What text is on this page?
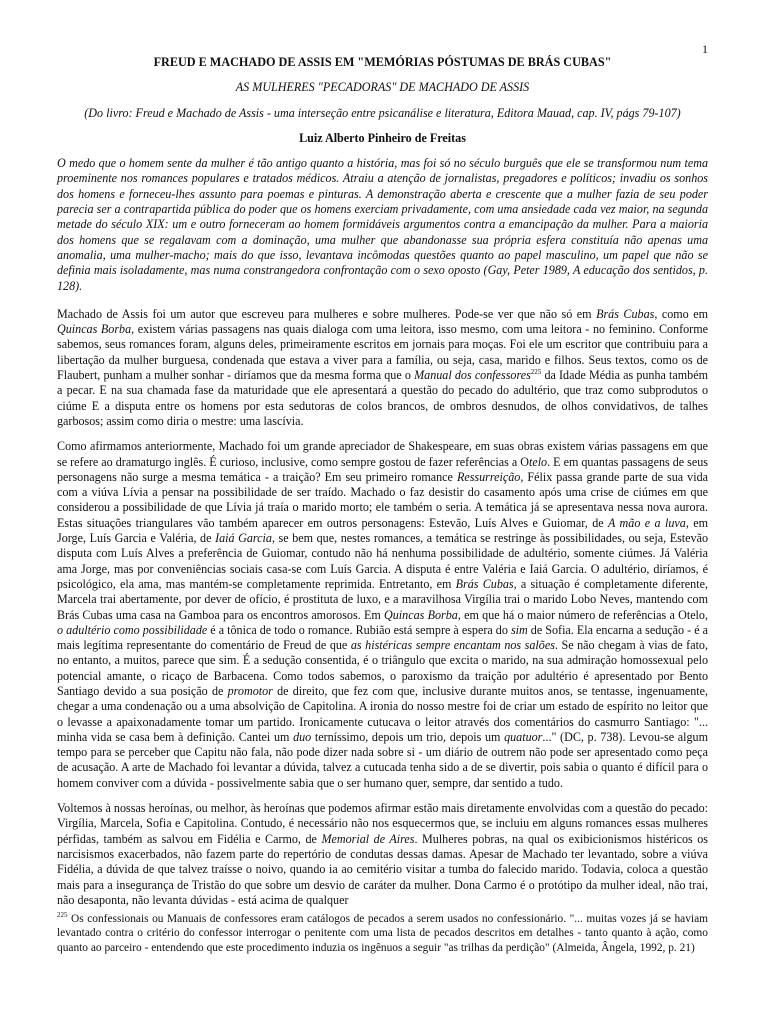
1
FREUD E MACHADO DE ASSIS EM "MEMÓRIAS PÓSTUMAS DE BRÁS CUBAS"
AS MULHERES "PECADORAS" DE MACHADO DE ASSIS
(Do livro: Freud e Machado de Assis - uma interseção entre psicanálise e literatura, Editora Mauad, cap. IV, págs 79-107)
Luiz Alberto Pinheiro de Freitas
O medo que o homem sente da mulher é tão antigo quanto a história, mas foi só no século burguês que ele se transformou num tema proeminente nos romances populares e tratados médicos. Atraiu a atenção de jornalistas, pregadores e políticos; invadiu os sonhos dos homens e forneceu-lhes assunto para poemas e pinturas. A demonstração aberta e crescente que a mulher fazia de seu poder parecia ser a contrapartida pública do poder que os homens exerciam privadamente, com uma ansiedade cada vez maior, na segunda metade do século XIX: um e outro forneceram ao homem formidáveis argumentos contra a emancipação da mulher. Para a maioria dos homens que se regalavam com a dominação, uma mulher que abandonasse sua própria esfera constituía não apenas uma anomalia, uma mulher-macho; mais do que isso, levantava incômodas questões quanto ao papel masculino, um papel que não se definia mais isoladamente, mas numa constrangedora confrontação com o sexo oposto (Gay, Peter 1989, A educação dos sentidos, p. 128).

Machado de Assis foi um autor que escreveu para mulheres e sobre mulheres. Pode-se ver que não só em Brás Cubas, como em Quincas Borba, existem várias passagens nas quais dialoga com uma leitora, isso mesmo, com uma leitora - no feminino. Conforme sabemos, seus romances foram, alguns deles, primeiramente escritos em jornais para moças. Foi ele um escritor que contribuiu para a libertação da mulher burguesa, condenada que estava a viver para a família, ou seja, casa, marido e filhos. Seus textos, como os de Flaubert, punham a mulher sonhar - diríamos que da mesma forma que o Manual dos confessores$^{225}$ da Idade Média as punha também a pecar. E na sua chamada fase da maturidade que ele apresentará a questão do pecado do adultério, que traz como subprodutos o ciúme E a disputa entre os homens por esta sedutoras de colos brancos, de ombros desnudos, de olhos convidativos, de talhes garbosos; assim como diria o mestre: uma lascívia.

Como afirmamos anteriormente, Machado foi um grande apreciador de Shakespeare, em suas obras existem várias passagens em que se refere ao dramaturgo inglês. É curioso, inclusive, como sempre gostou de fazer referências a Otelo. E em quantas passagens de seus personagens não surge a mesma temática - a traição? Em seu primeiro romance Ressurreição, Félix passa grande parte de sua vida com a viúva Lívia a pensar na possibilidade de ser traído. Machado o faz desistir do casamento após uma crise de ciúmes em que considerou a possibilidade de que Lívia já traía o marido morto; ele também o seria. A temática já se apresentava nessa nova aurora. Estas situações triangulares vão também aparecer em outros personagens: Estevão, Luís Alves e Guiomar, de A mão e a luva, em Jorge, Luís Garcia e Valéria, de Iaiá Garcia, se bem que, nestes romances, a temática se restringe às possibilidades, ou seja, Estevão disputa com Luís Alves a preferência de Guiomar, contudo não há nenhuma possibilidade de adultério, somente ciúmes. Já Valéria ama Jorge, mas por conveniências sociais casa-se com Luís Garcia. A disputa é entre Valéria e Iaiá Garcia. O adultério, diríamos, é psicológico, ela ama, mas mantém-se completamente reprimida. Entretanto, em Brás Cubas, a situação é completamente diferente, Marcela trai abertamente, por dever de ofício, é prostituta de luxo, e a maravilhosa Virgília trai o marido Lobo Neves, mantendo com Brás Cubas uma casa na Gamboa para os encontros amorosos. Em Quincas Borba, em que há o maior número de referências a Otelo, o adultério como possibilidade é a tônica de todo o romance. Rubião está sempre à espera do sim de Sofia. Ela encarna a sedução - é a mais legítima representante do comentário de Freud de que as histéricas sempre encantam nos salões. Se não chegam à vias de fato, no entanto, a muitos, parece que sim. É a sedução consentida, é o triângulo que excita o marido, na sua admiração homossexual pelo potencial amante, o ricaço de Barbacena. Como todos sabemos, o paroxismo da traição por adultério é apresentado por Bento Santiago devido a sua posição de promotor de direito, que fez com que, inclusive durante muitos anos, se tentasse, ingenuamente, chegar a uma condenação ou a uma absolvição de Capitolina. A ironia do nosso mestre foi de criar um estado de espírito no leitor que o levasse a apaixonadamente tomar um partido. Ironicamente cutucava o leitor através dos comentários do casmurro Santiago: "... minha vida se casa bem à definição. Cantei um duo terníssimo, depois um trio, depois um quatuor..." (DC, p. 738). Levou-se algum tempo para se perceber que Capitu não fala, não pode dizer nada sobre si - um diário de outrem não pode ser apresentado como peça de acusação. A arte de Machado foi levantar a dúvida, talvez a cutucada tenha sido a de se divertir, pois sabia o quanto é difícil para o homem conviver com a dúvida - possivelmente sabia que o ser humano quer, sempre, dar sentido a tudo.

Voltemos à nossas heroínas, ou melhor, às heroínas que podemos afirmar estão mais diretamente envolvidas com a questão do pecado: Virgília, Marcela, Sofia e Capitolina. Contudo, é necessário não nos esquecermos que, se incluiu em alguns romances essas mulheres pérfidas, também as salvou em Fidélia e Carmo, de Memorial de Aires. Mulheres pobras, na qual os exibicionismos histéricos os narcisismos exacerbados, não fazem parte do repertório de condutas dessas damas. Apesar de Machado ter levantado, sobre a viúva Fidélia, a dúvida de que talvez traísse o noivo, quando ia ao cemitério visitar a tumba do falecido marido. Todavia, coloca a questão mais para a insegurança de Tristão do que sobre um desvio de caráter da mulher. Dona Carmo é o protótipo da mulher ideal, não trai, não desaponta, não levanta dúvidas - está acima de qualquer

$^{225}$ Os confessionais ou Manuais de confessores eram catálogos de pecados a serem usados no confessionário. "... muitas vozes já se haviam levantado contra o critério do confessor interrogar o penitente com uma lista de pecados descritos em detalhes - tanto quanto à ação, como quanto ao parceiro - entendendo que este procedimento induzia os ingênuos a seguir "as trilhas da perdição" (Almeida, Ângela, 1992, p. 21)
